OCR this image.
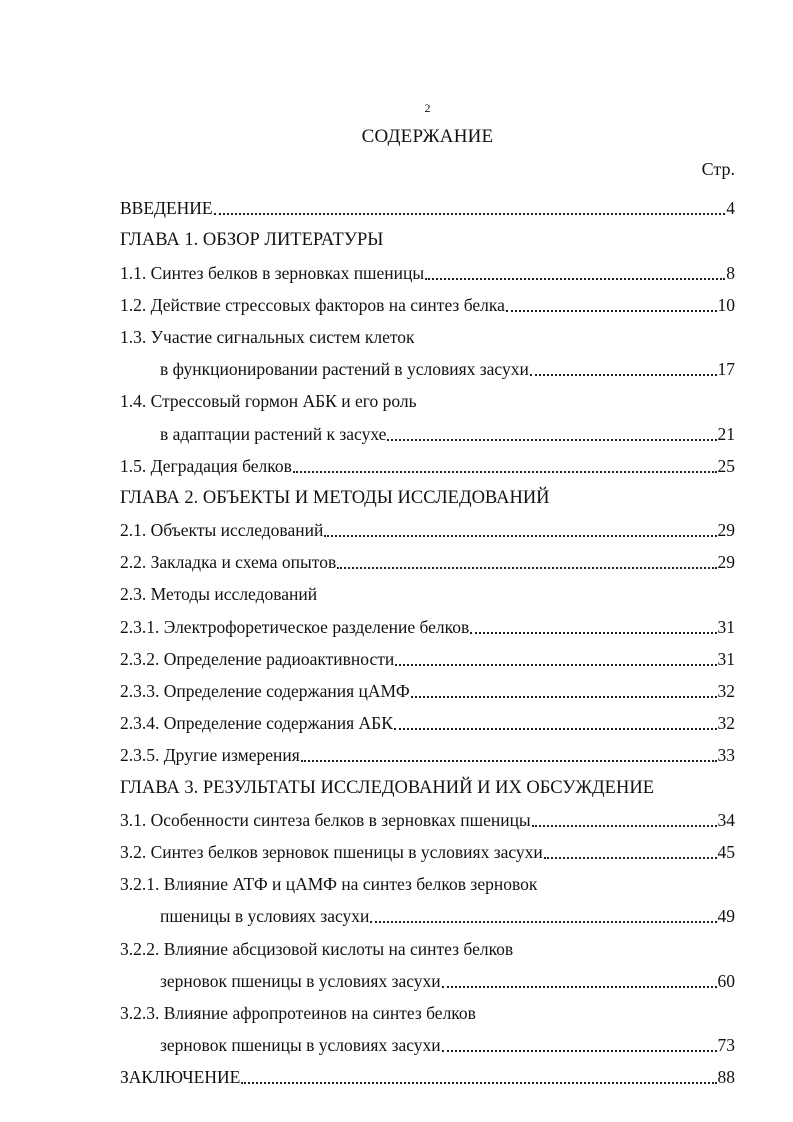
2
СОДЕРЖАНИЕ
Стр.
ВВЕДЕНИЕ	4
ГЛАВА 1. ОБЗОР ЛИТЕРАТУРЫ
1.1. Синтез белков в зерновках пшеницы	8
1.2. Действие стрессовых факторов на синтез белка	10
1.3. Участие сигнальных систем клеток
в функционировании растений в условиях засухи	17
1.4. Стрессовый гормон АБК и его роль
в адаптации растений к засухе	21
1.5. Деградация белков	25
ГЛАВА 2. ОБЪЕКТЫ И МЕТОДЫ ИССЛЕДОВАНИЙ
2.1. Объекты исследований	29
2.2. Закладка и схема опытов	29
2.3. Методы исследований
2.3.1. Электрофоретическое разделение белков	31
2.3.2. Определение радиоактивности	31
2.3.3. Определение содержания цАМФ	32
2.3.4. Определение содержания АБК	32
2.3.5. Другие измерения	33
ГЛАВА 3. РЕЗУЛЬТАТЫ ИССЛЕДОВАНИЙ И ИХ ОБСУЖДЕНИЕ
3.1. Особенности синтеза белков в зерновках пшеницы	34
3.2. Синтез белков зерновок пшеницы в условиях засухи	45
3.2.1. Влияние АТФ и цАМФ на синтез белков зерновок
пшеницы в условиях засухи	49
3.2.2. Влияние абсцизовой кислоты на синтез белков
зерновок пшеницы в условиях засухи	60
3.2.3. Влияние афропротеинов на синтез белков
зерновок пшеницы в условиях засухи	73
ЗАКЛЮЧЕНИЕ	88
